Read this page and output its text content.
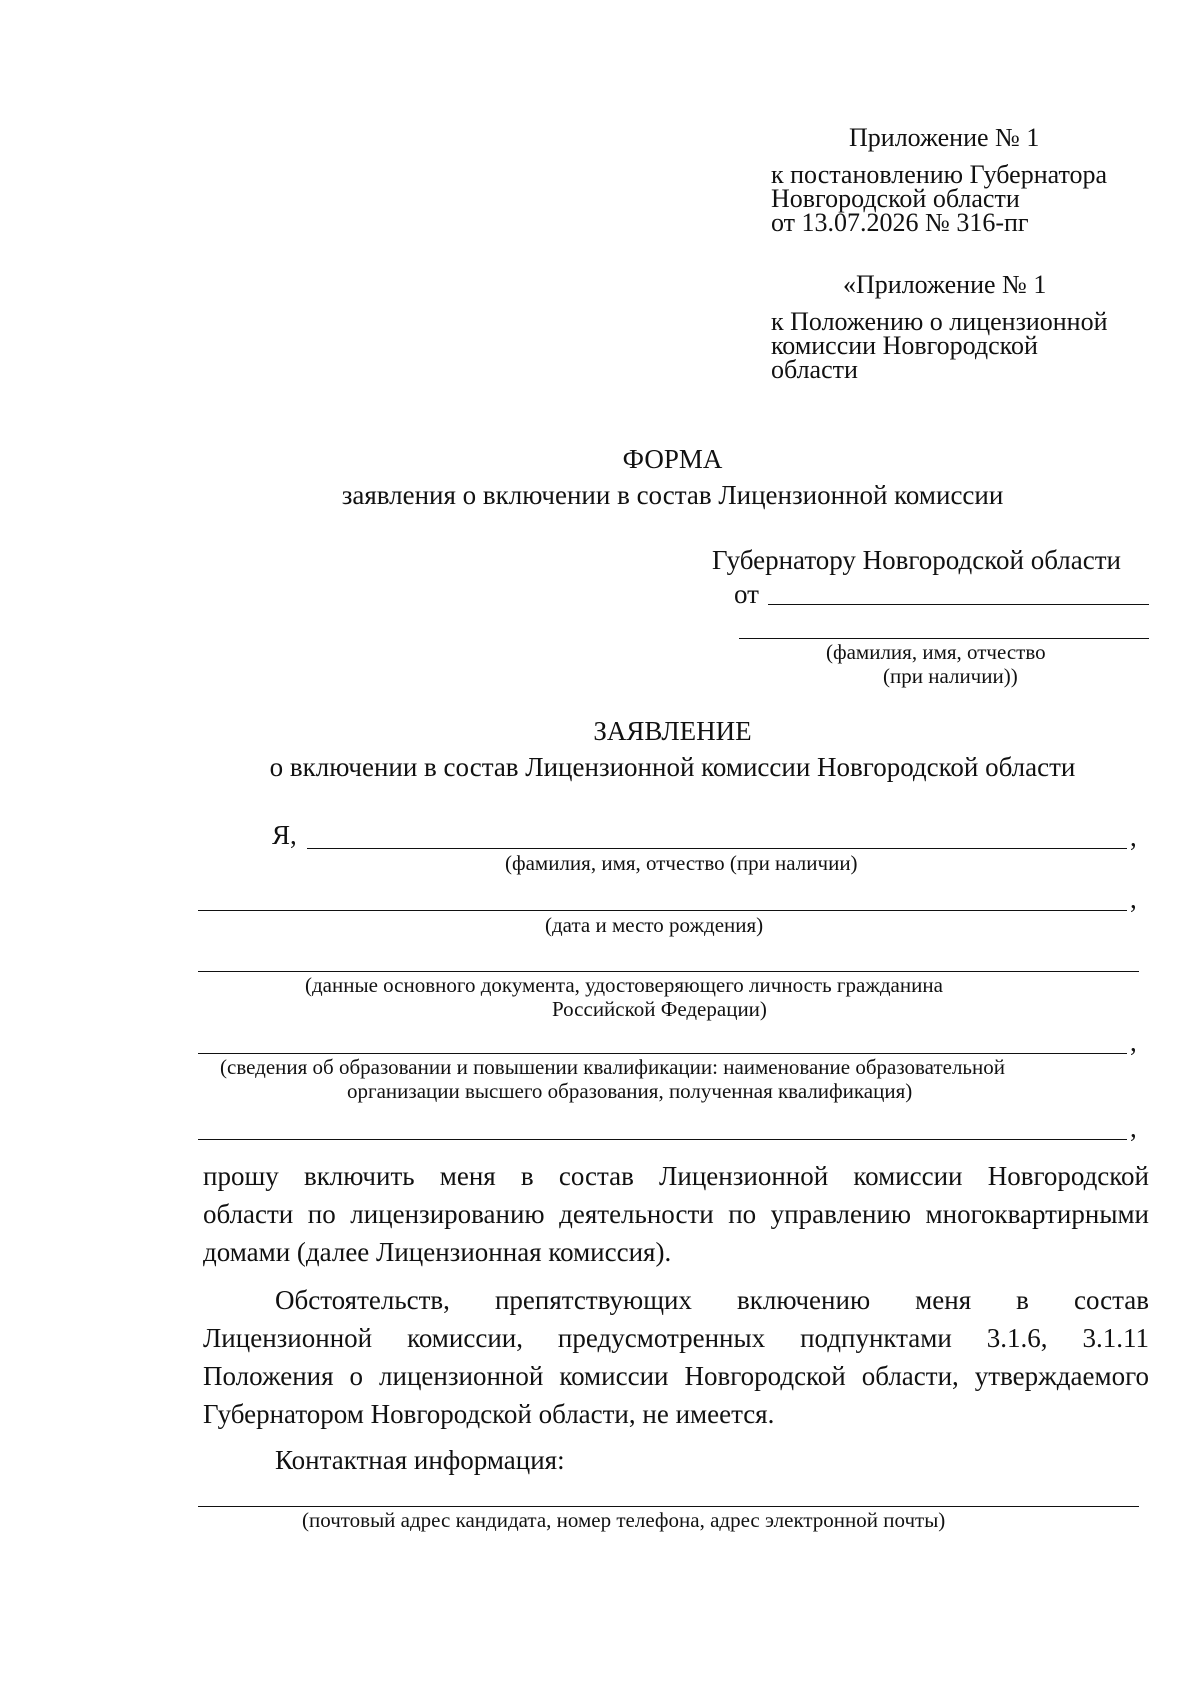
Приложение № 1
к постановлению Губернатора
Новгородской области
от 13.07.2026 № 316-пг
«Приложение № 1
к Положению о лицензионной
комиссии Новгородской
области
ФОРМА
заявления о включении в состав Лицензионной комиссии
Губернатору Новгородской области
от
(фамилия, имя, отчество
(при наличии))
ЗАЯВЛЕНИЕ
о включении в состав Лицензионной комиссии Новгородской области
Я,	,
(фамилия, имя, отчество (при наличии)
,
(дата и место рождения)
(данные основного документа, удостоверяющего личность гражданина
Российской Федерации)
,
(сведения об образовании и повышении квалификации: наименование образовательной
организации высшего образования, полученная квалификация)
,
прошу включить меня в состав Лицензионной комиссии Новгородской
области по лицензированию деятельности по управлению многоквартирными
домами (далее Лицензионная комиссия).
Обстоятельств, препятствующих включению меня в состав
Лицензионной комиссии, предусмотренных подпунктами 3.1.6, 3.1.11
Положения о лицензионной комиссии Новгородской области, утверждаемого
Губернатором Новгородской области, не имеется.
Контактная информация:
(почтовый адрес кандидата, номер телефона, адрес электронной почты)
